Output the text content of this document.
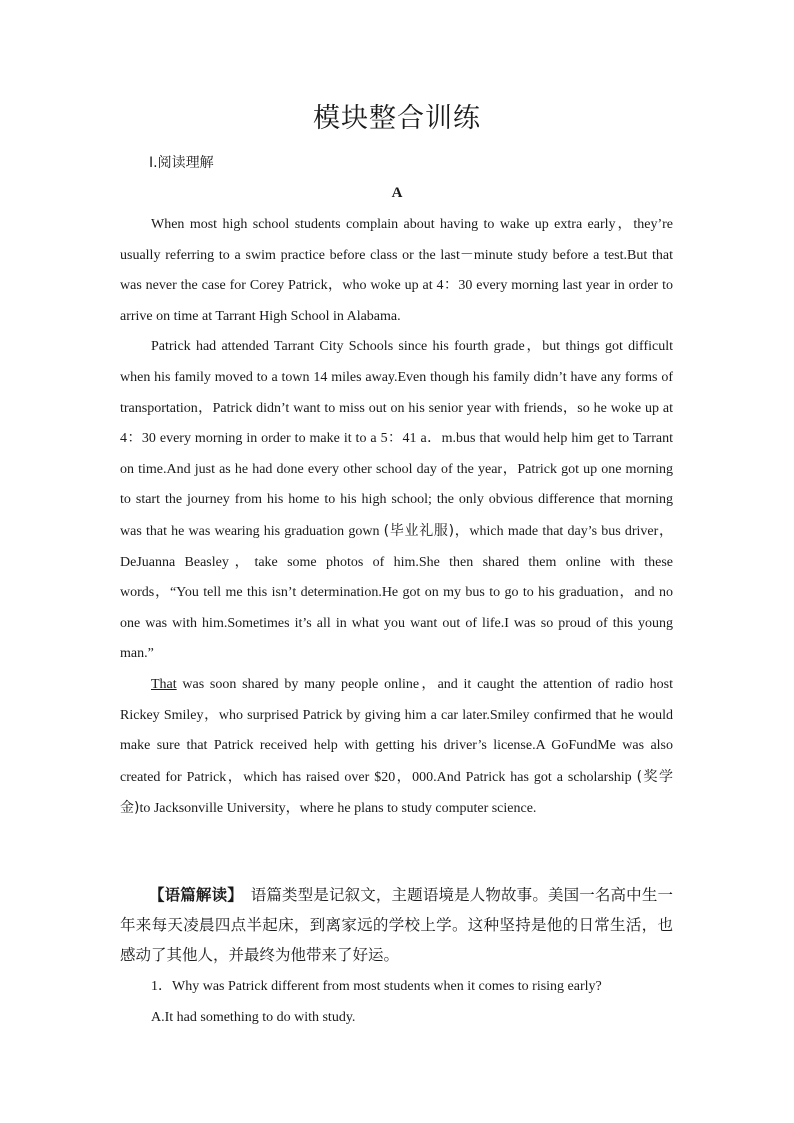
模块整合训练
Ⅰ.阅读理解
A

When most high school students complain about having to wake up extra early，they’re usually referring to a swim practice before class or the last－minute study before a test.But that was never the case for Corey Patrick，who woke up at 4：30 every morning last year in order to arrive on time at Tarrant High School in Alabama.

Patrick had attended Tarrant City Schools since his fourth grade，but things got difficult when his family moved to a town 14 miles away.Even though his family didn’t have any forms of transportation，Patrick didn’t want to miss out on his senior year with friends，so he woke up at 4：30 every morning in order to make it to a 5：41 a．m.bus that would help him get to Tarrant on time.And just as he had done every other school day of the year，Patrick got up one morning to start the journey from his home to his high school; the only obvious difference that morning was that he was wearing his graduation gown (毕业礼服)，which made that day’s bus driver，DeJuanna Beasley，take some photos of him.She then shared them online with these words，“You tell me this isn’t determination.He got on my bus to go to his graduation，and no one was with him.Sometimes it’s all in what you want out of life.I was so proud of this young man.”

That was soon shared by many people online，and it caught the attention of radio host Rickey Smiley，who surprised Patrick by giving him a car later.Smiley confirmed that he would make sure that Patrick received help with getting his driver’s license.A GoFundMe was also created for Patrick，which has raised over $20，000.And Patrick has got a scholarship (奖学金)to Jacksonville University，where he plans to study computer science.

【语篇解读】　语篇类型是记叙文，主题语境是人物故事。美国一名高中生一年来每天凌晨四点半起床，到离家远的学校上学。这种坚持是他的日常生活，也感动了其他人，并最终为他带来了好运。

1．Why was Patrick different from most students when it comes to rising early?

A.It had something to do with study.
